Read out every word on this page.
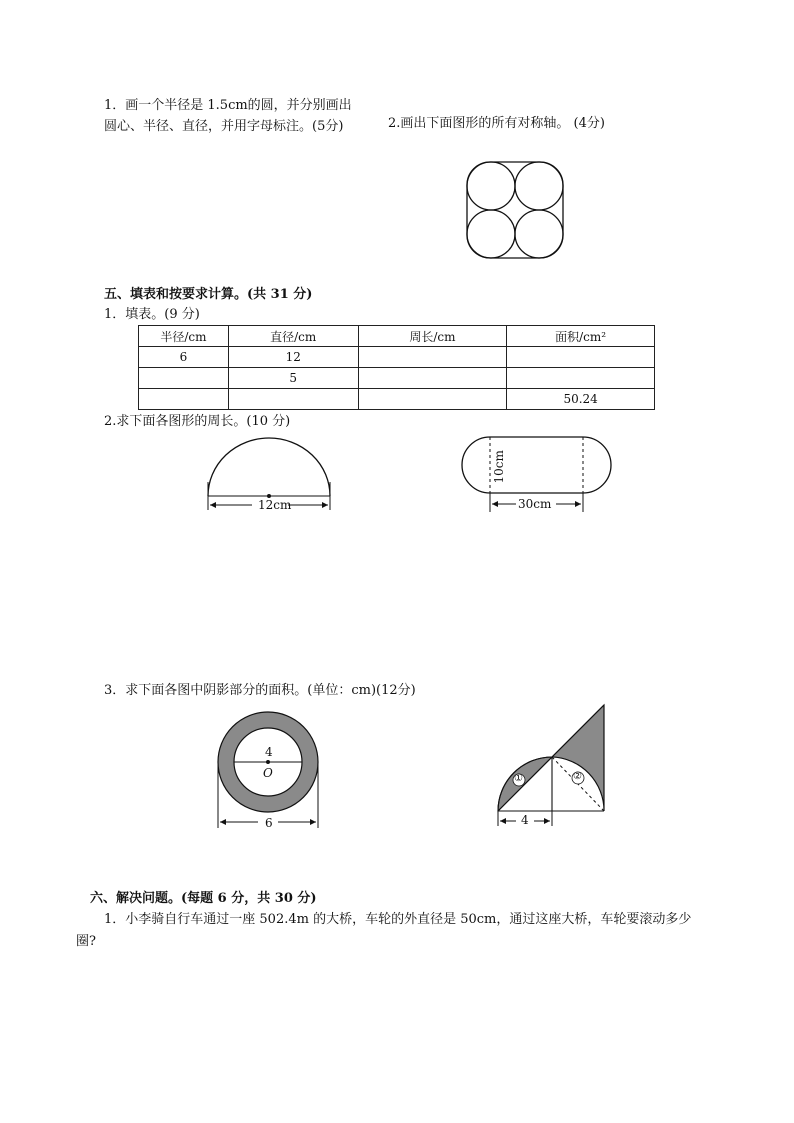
1．画一个半径是 1.5cm的圆，并分别画出
圆心、半径、直径，并用字母标注。(5分)	2.画出下面图形的所有对称轴。 (4分)
五、填表和按要求计算。(共 31 分)
1．填表。(9 分)
半径/cm	直径/cm	周长/cm	面积/cm²
6	12		
	5		
			50.24
2.求下面各图形的周长。(10 分)
12cm	30cm
10cm
3．求下面各图中阴影部分的面积。(单位：cm)(12分)
4
O
6
①	②
4
六、解决问题。(每题 6 分，共 30 分)
1．小李骑自行车通过一座 502.4m 的大桥，车轮的外直径是 50cm，通过这座大桥，车轮要滚动多少
圈?
